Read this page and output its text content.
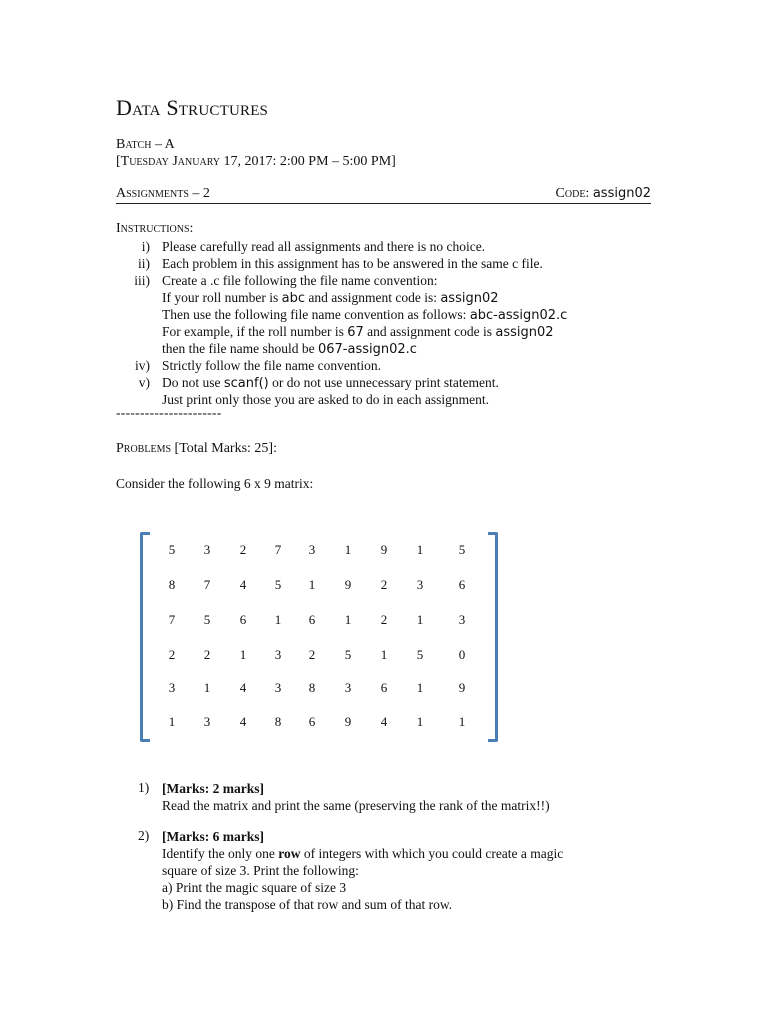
Data Structures
Batch – A
[Tuesday January 17, 2017: 2:00 PM – 5:00 PM]
Assignments – 2	Code: assign02
Instructions:
i) Please carefully read all assignments and there is no choice.
ii) Each problem in this assignment has to be answered in the same c file.
iii) Create a .c file following the file name convention:
If your roll number is abc and assignment code is: assign02
Then use the following file name convention as follows: abc-assign02.c
For example, if the roll number is 67 and assignment code is assign02
then the file name should be 067-assign02.c
iv) Strictly follow the file name convention.
v) Do not use scanf() or do not use unnecessary print statement.
Just print only those you are asked to do in each assignment.
----------------------
Problems [Total Marks: 25]:
Consider the following 6 x 9 matrix:
5	3	2	7	3	1	9	1	5
8	7	4	5	1	9	2	3	6
7	5	6	1	6	1	2	1	3
2	2	1	3	2	5	1	5	0
3	1	4	3	8	3	6	1	9
1	3	4	8	6	9	4	1	1
1) [Marks: 2 marks]
Read the matrix and print the same (preserving the rank of the matrix!!)
2) [Marks: 6 marks]
Identify the only one row of integers with which you could create a magic
square of size 3. Print the following:
a) Print the magic square of size 3
b) Find the transpose of that row and sum of that row.
